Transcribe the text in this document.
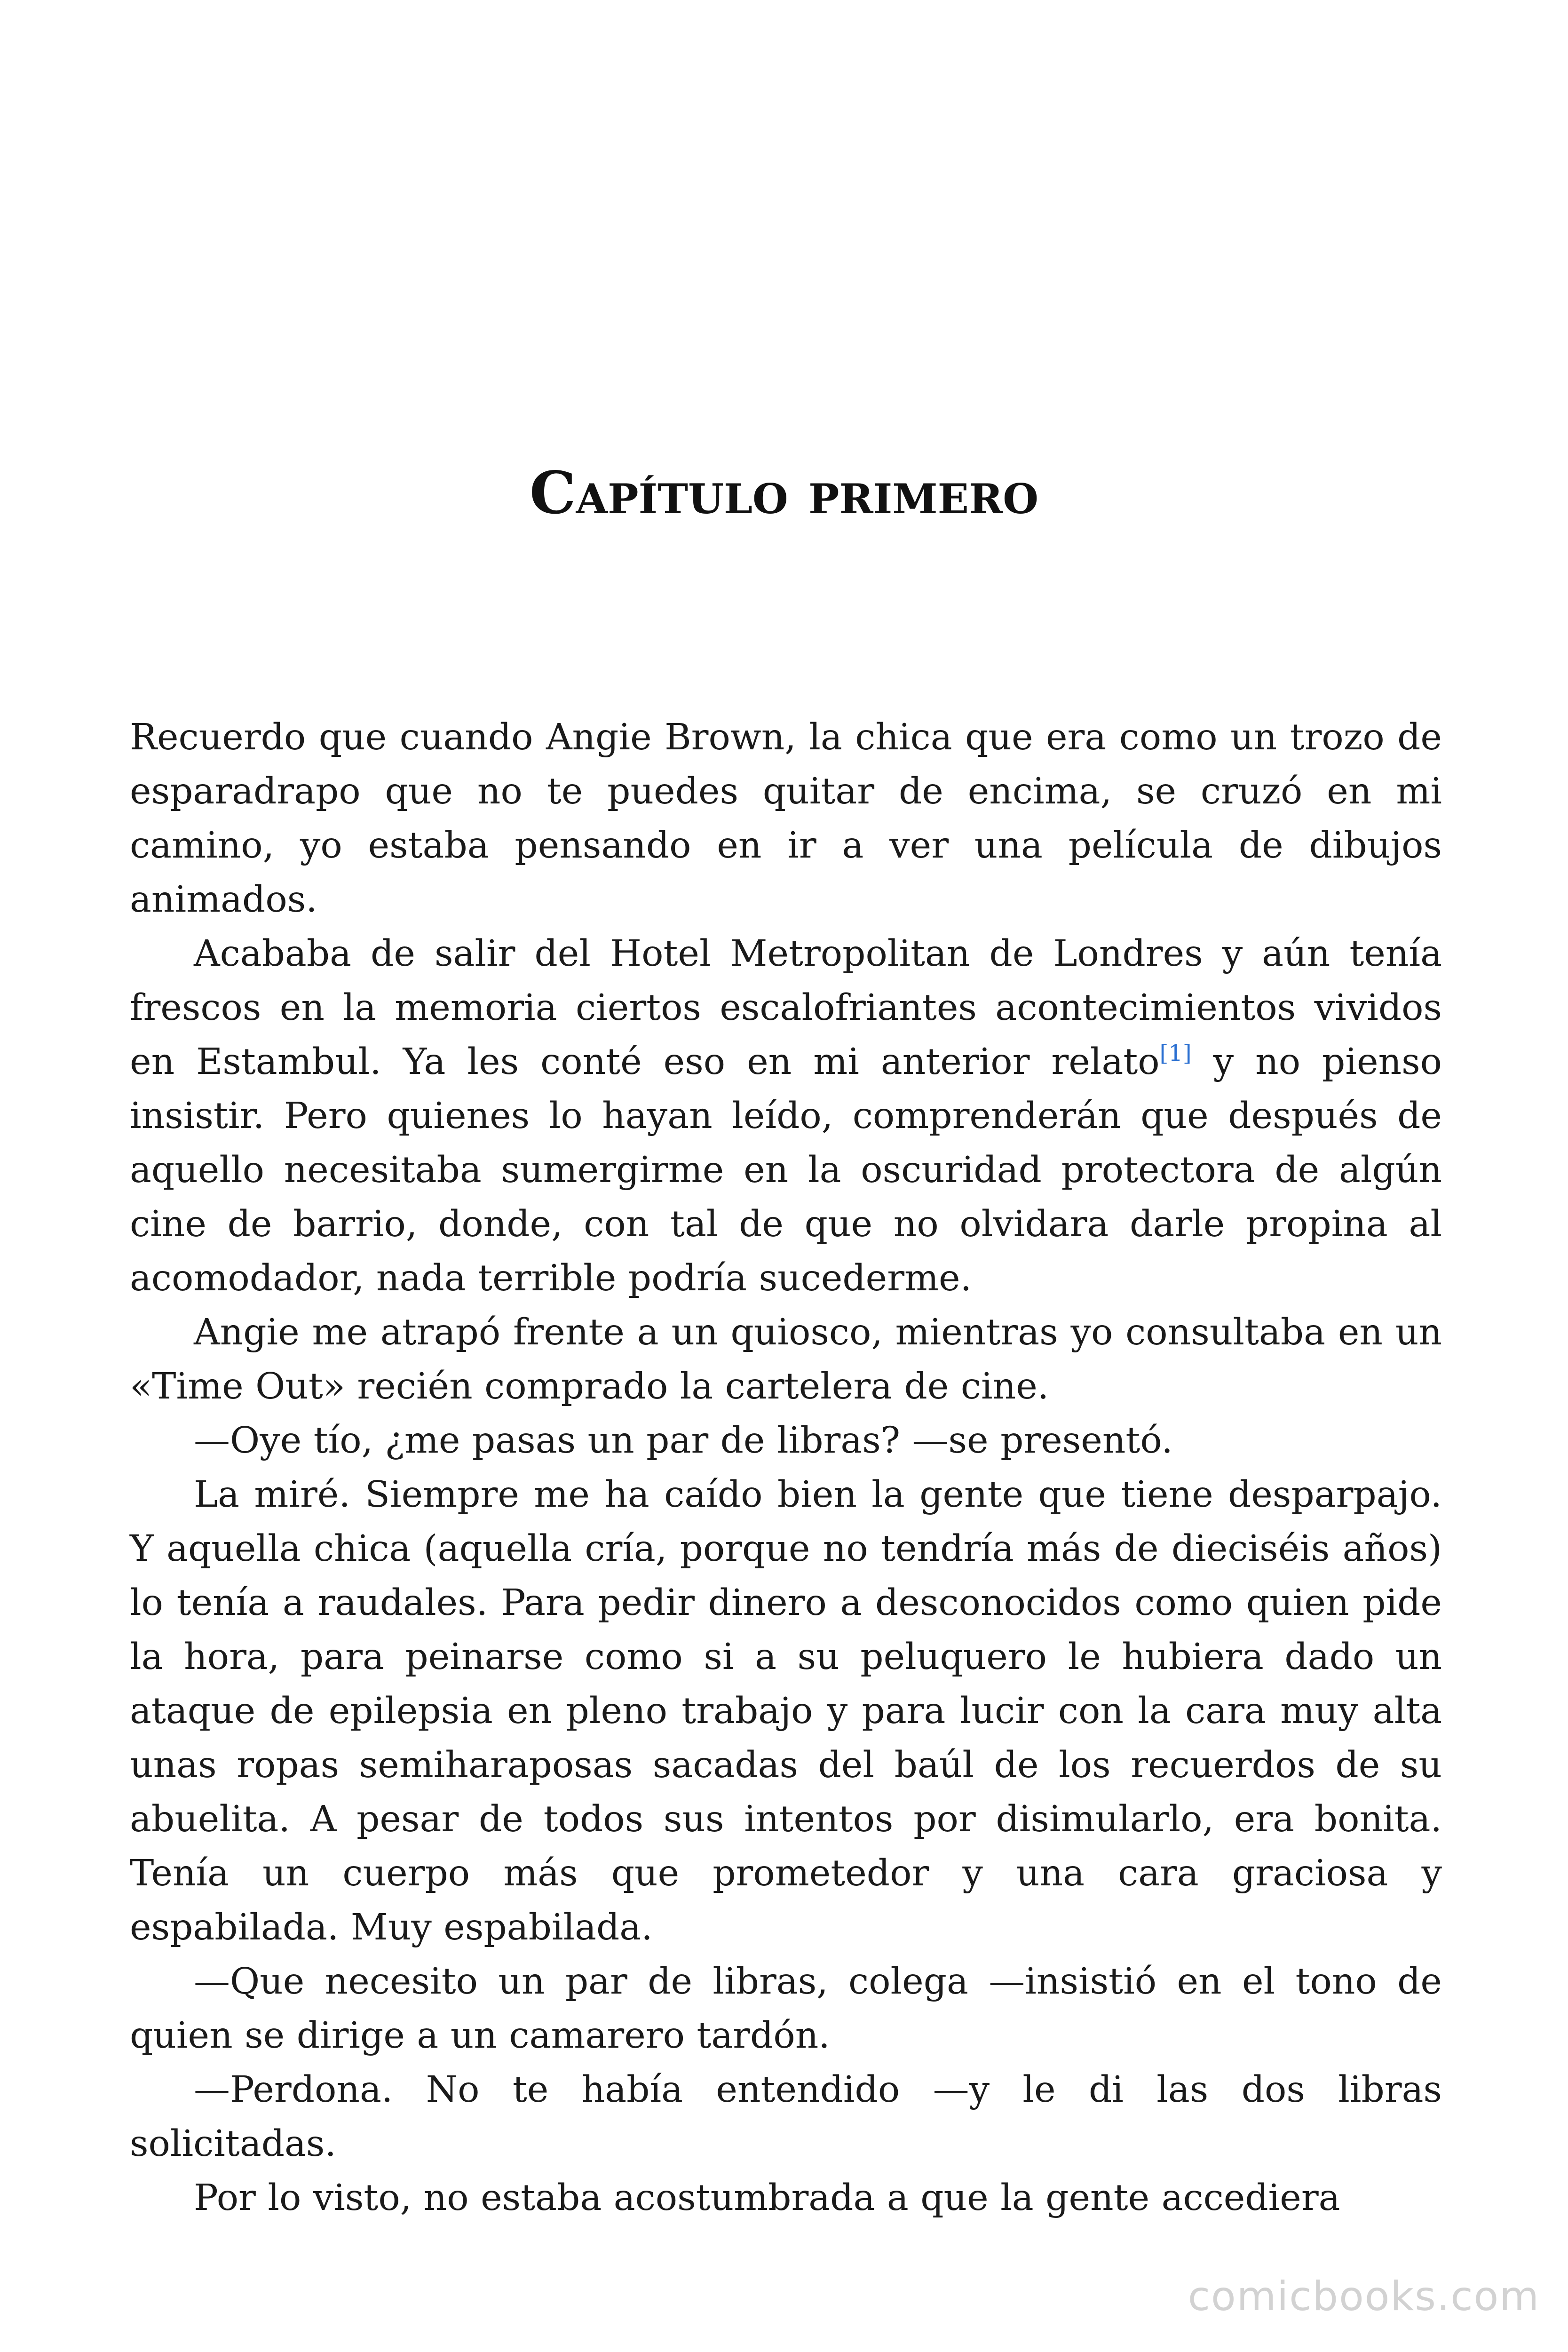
Capítulo primero

Recuerdo que cuando Angie Brown, la chica que era como un trozo de esparadrapo que no te puedes quitar de encima, se cruzó en mi camino, yo estaba pensando en ir a ver una película de dibujos animados.

Acababa de salir del Hotel Metropolitan de Londres y aún tenía frescos en la memoria ciertos escalofriantes acontecimientos vividos en Estambul. Ya les conté eso en mi anterior relato[1] y no pienso insistir. Pero quienes lo hayan leído, comprenderán que después de aquello necesitaba sumergirme en la oscuridad protectora de algún cine de barrio, donde, con tal de que no olvidara darle propina al acomodador, nada terrible podría sucederme.

Angie me atrapó frente a un quiosco, mientras yo consultaba en un «Time Out» recién comprado la cartelera de cine.

—Oye tío, ¿me pasas un par de libras? —se presentó.

La miré. Siempre me ha caído bien la gente que tiene desparpajo. Y aquella chica (aquella cría, porque no tendría más de dieciséis años) lo tenía a raudales. Para pedir dinero a desconocidos como quien pide la hora, para peinarse como si a su peluquero le hubiera dado un ataque de epilepsia en pleno trabajo y para lucir con la cara muy alta unas ropas semiharaposas sacadas del baúl de los recuerdos de su abuelita. A pesar de todos sus intentos por disimularlo, era bonita. Tenía un cuerpo más que prometedor y una cara graciosa y espabilada. Muy espabilada.

—Que necesito un par de libras, colega —insistió en el tono de quien se dirige a un camarero tardón.

—Perdona. No te había entendido —y le di las dos libras solicitadas.

Por lo visto, no estaba acostumbrada a que la gente accediera

comicbooks.com
